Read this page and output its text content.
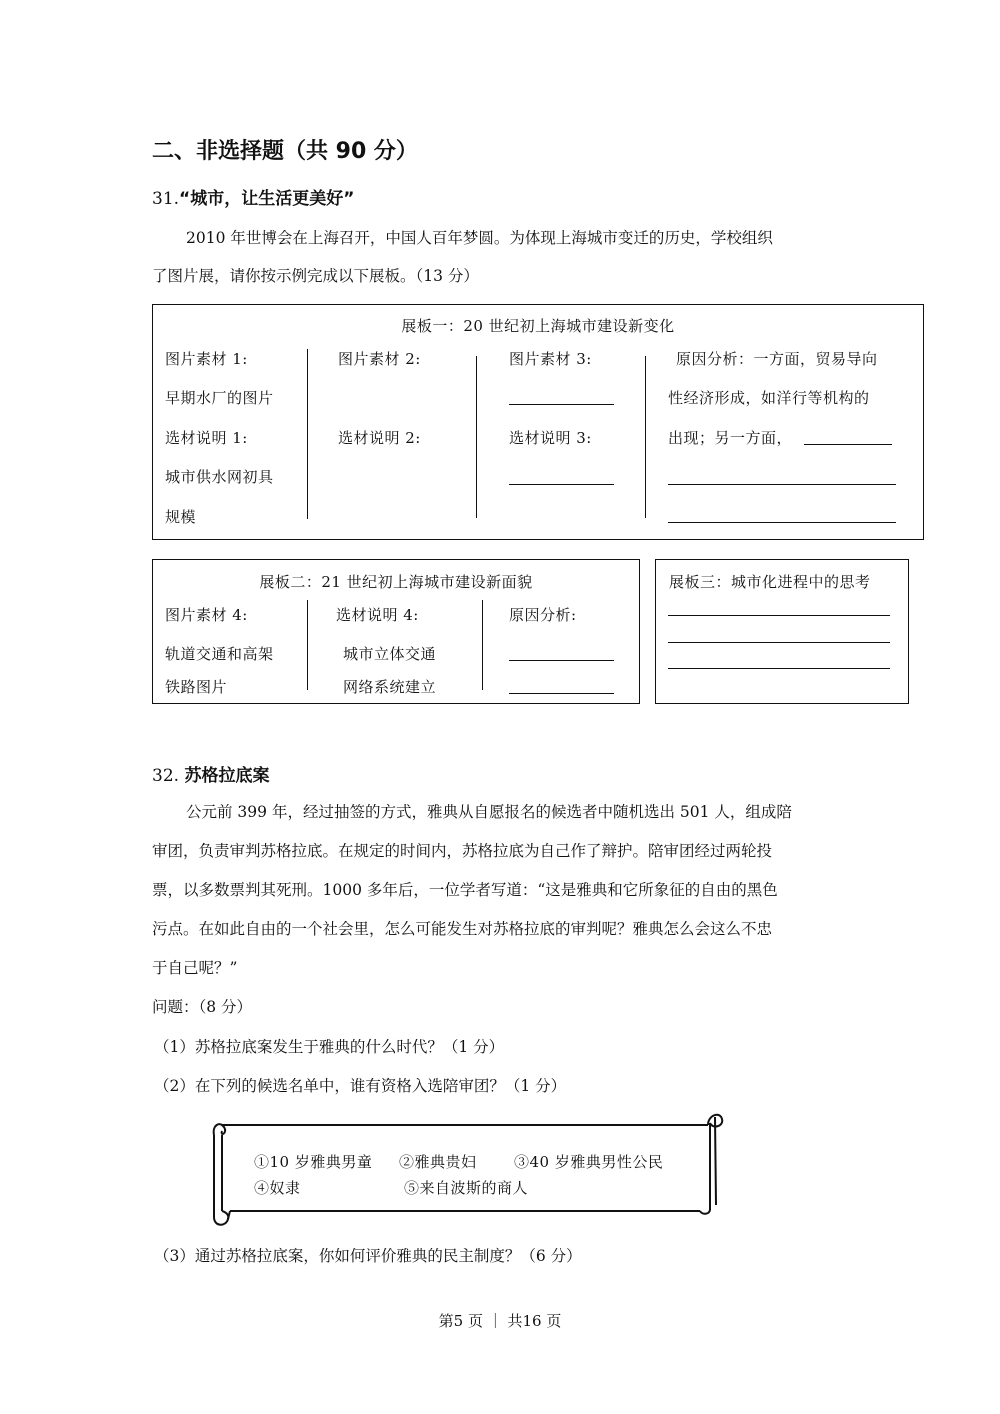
二、非选择题（共 90 分）
31.“城市，让生活更美好”
2010 年世博会在上海召开，中国人百年梦圆。为体现上海城市变迁的历史，学校组织
了图片展，请你按示例完成以下展板。（13 分）
展板一：20 世纪初上海城市建设新变化
图片素材 1:
早期水厂的图片
选材说明 1:
城市供水网初具
规模
图片素材 2:
选材说明 2:
图片素材 3:
选材说明 3:
原因分析：一方面，贸易导向
性经济形成，如洋行等机构的
出现；另一方面，
展板二：21 世纪初上海城市建设新面貌
图片素材 4:
轨道交通和高架
铁路图片
选材说明 4:
城市立体交通
网络系统建立
原因分析:
展板三：城市化进程中的思考
32. 苏格拉底案
公元前 399 年，经过抽签的方式，雅典从自愿报名的候选者中随机选出 501 人，组成陪
审团，负责审判苏格拉底。在规定的时间内，苏格拉底为自己作了辩护。陪审团经过两轮投
票，以多数票判其死刑。1000 多年后，一位学者写道：“这是雅典和它所象征的自由的黑色
污点。在如此自由的一个社会里，怎么可能发生对苏格拉底的审判呢？雅典怎么会这么不忠
于自己呢？”
问题：（8 分）
（1）苏格拉底案发生于雅典的什么时代？（1 分）
（2）在下列的候选名单中，谁有资格入选陪审团？（1 分）
①10 岁雅典男童 ②雅典贵妇 ③40 岁雅典男性公民
④奴隶	⑤来自波斯的商人
（3）通过苏格拉底案，你如何评价雅典的民主制度？（6 分）
第5 页 ｜ 共16 页
